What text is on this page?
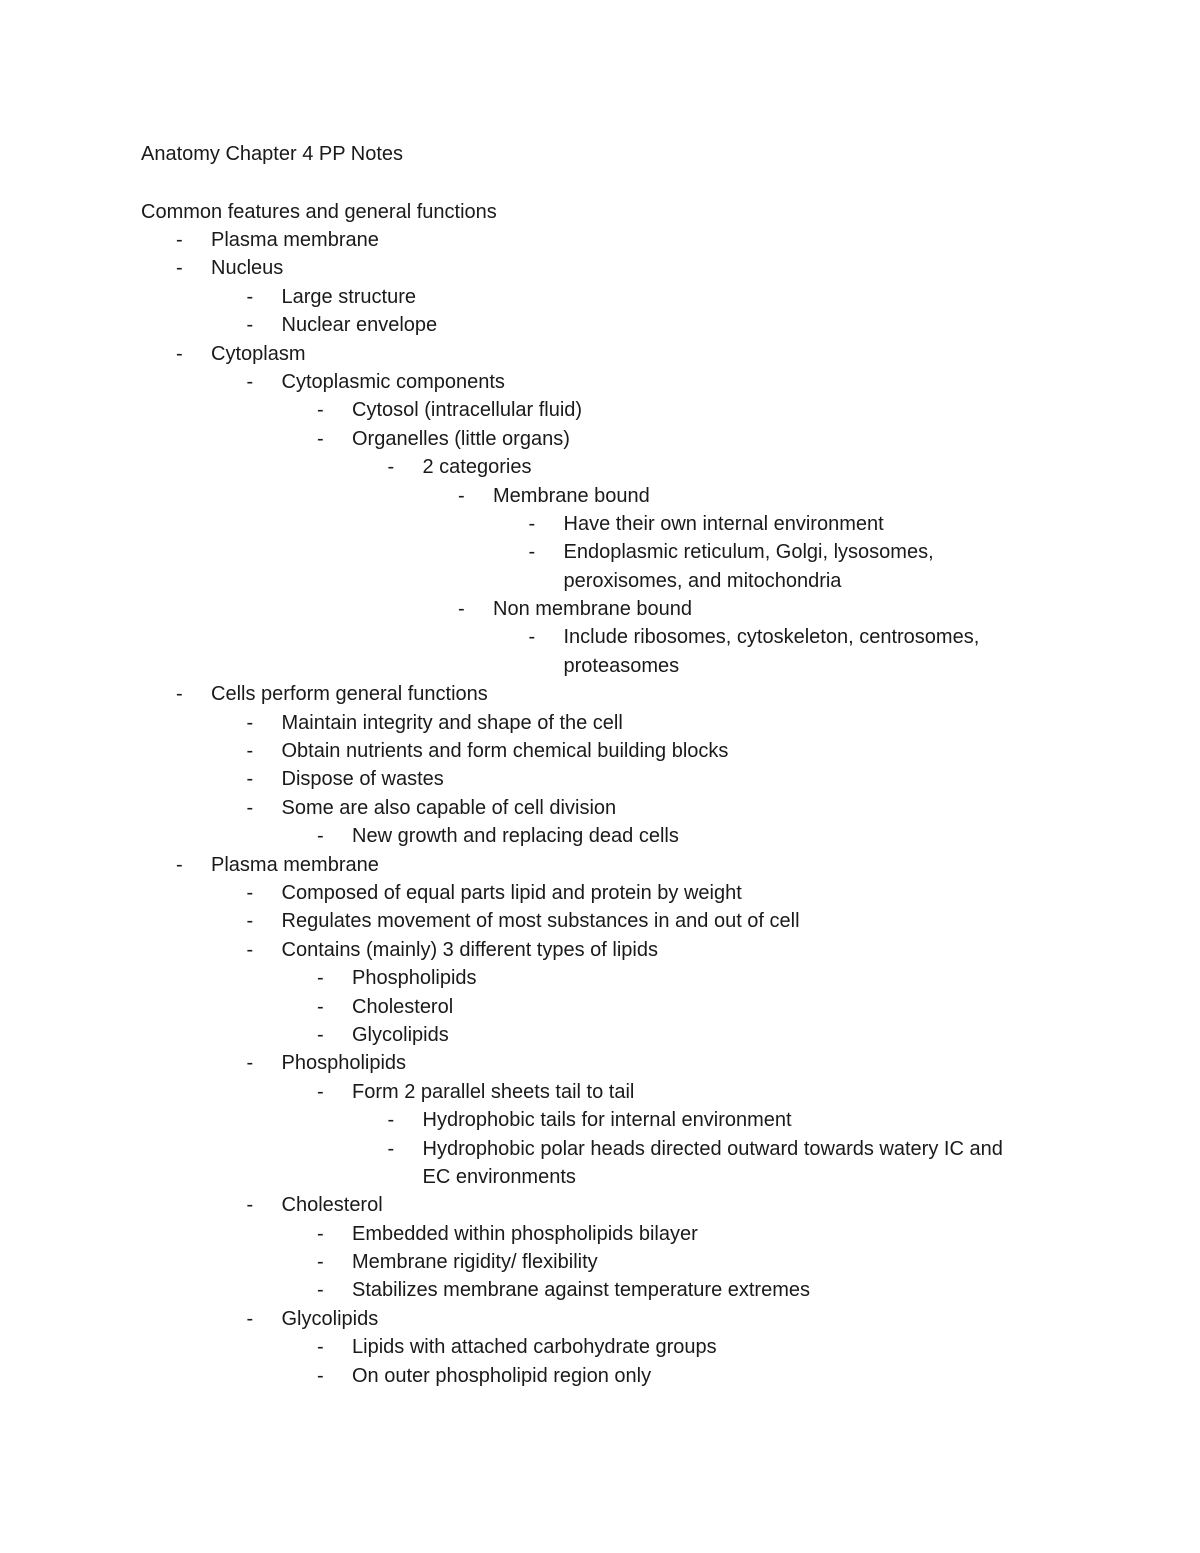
Anatomy Chapter 4 PP Notes
Common features and general functions
-	Plasma membrane
-	Nucleus
-	Large structure
-	Nuclear envelope
-	Cytoplasm
-	Cytoplasmic components
-	Cytosol (intracellular fluid)
-	Organelles (little organs)
-	2 categories
-	Membrane bound
-	Have their own internal environment
-	Endoplasmic reticulum, Golgi, lysosomes,
peroxisomes, and mitochondria
-	Non membrane bound
-	Include ribosomes, cytoskeleton, centrosomes,
proteasomes
-	Cells perform general functions
-	Maintain integrity and shape of the cell
-	Obtain nutrients and form chemical building blocks
-	Dispose of wastes
-	Some are also capable of cell division
-	New growth and replacing dead cells
-	Plasma membrane
-	Composed of equal parts lipid and protein by weight
-	Regulates movement of most substances in and out of cell
-	Contains (mainly) 3 different types of lipids
-	Phospholipids
-	Cholesterol
-	Glycolipids
-	Phospholipids
-	Form 2 parallel sheets tail to tail
-	Hydrophobic tails for internal environment
-	Hydrophobic polar heads directed outward towards watery IC and
EC environments
-	Cholesterol
-	Embedded within phospholipids bilayer
-	Membrane rigidity/ flexibility
-	Stabilizes membrane against temperature extremes
-	Glycolipids
-	Lipids with attached carbohydrate groups
-	On outer phospholipid region only
